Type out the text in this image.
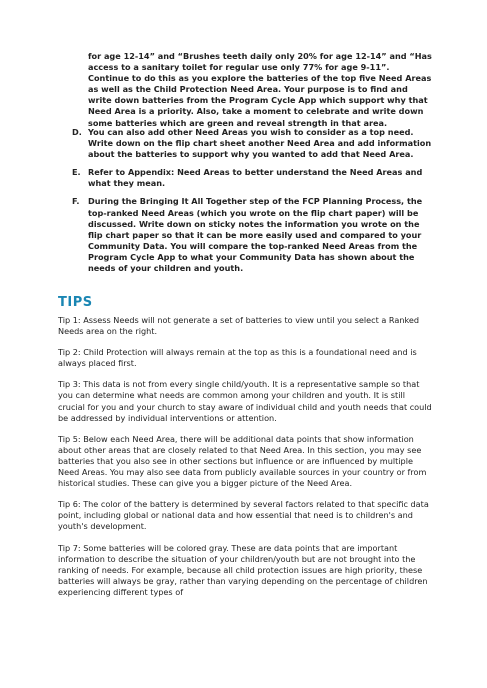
for age 12-14” and “Brushes teeth daily only 20% for age 12-14” and “Has access to a sanitary toilet for regular use only 77% for age 9-11”. Continue to do this as you explore the batteries of the top five Need Areas as well as the Child Protection Need Area. Your purpose is to find and write down batteries from the Program Cycle App which support why that Need Area is a priority. Also, take a moment to celebrate and write down some batteries which are green and reveal strength in that area.

D. You can also add other Need Areas you wish to consider as a top need. Write down on the flip chart sheet another Need Area and add information about the batteries to support why you wanted to add that Need Area.
E. Refer to Appendix: Need Areas to better understand the Need Areas and what they mean.
F. During the Bringing It All Together step of the FCP Planning Process, the top-ranked Need Areas (which you wrote on the flip chart paper) will be discussed. Write down on sticky notes the information you wrote on the flip chart paper so that it can be more easily used and compared to your Community Data. You will compare the top-ranked Need Areas from the Program Cycle App to what your Community Data has shown about the needs of your children and youth.
TIPS

Tip 1: Assess Needs will not generate a set of batteries to view until you select a Ranked Needs area on the right.

Tip 2: Child Protection will always remain at the top as this is a foundational need and is always placed first.

Tip 3: This data is not from every single child/youth. It is a representative sample so that you can determine what needs are common among your children and youth. It is still crucial for you and your church to stay aware of individual child and youth needs that could be addressed by individual interventions or attention.

Tip 5: Below each Need Area, there will be additional data points that show information about other areas that are closely related to that Need Area. In this section, you may see batteries that you also see in other sections but influence or are influenced by multiple Need Areas. You may also see data from publicly available sources in your country or from historical studies. These can give you a bigger picture of the Need Area.

Tip 6: The color of the battery is determined by several factors related to that specific data point, including global or national data and how essential that need is to children's and youth's development.

Tip 7: Some batteries will be colored gray. These are data points that are important information to describe the situation of your children/youth but are not brought into the ranking of needs. For example, because all child protection issues are high priority, these batteries will always be gray, rather than varying depending on the percentage of children experiencing different types of
